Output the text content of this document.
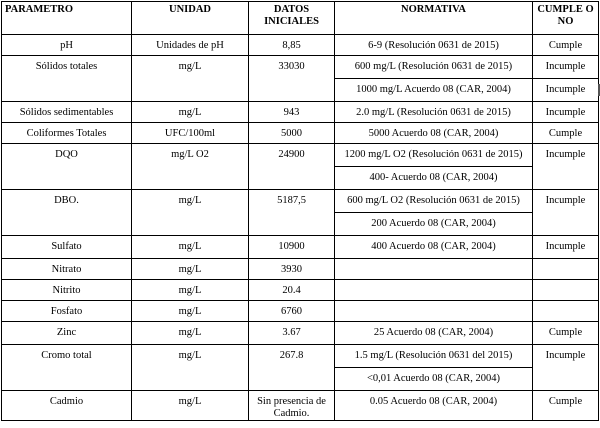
PARAMETRO	UNIDAD	DATOS INICIALES	NORMATIVA	CUMPLE O NO
pH	Unidades de pH	8,85	6-9 (Resolución 0631 de 2015)	Cumple
Sólidos totales	mg/L	33030	600 mg/L (Resolución 0631 de 2015)	Incumple
			1000 mg/L Acuerdo 08 (CAR, 2004)	Incumple
Sólidos sedimentables	mg/L	943	2.0 mg/L (Resolución 0631 de 2015)	Incumple
Coliformes Totales	UFC/100ml	5000	5000 Acuerdo 08 (CAR, 2004)	Cumple
DQO	mg/L O2	24900	1200 mg/L O2 (Resolución 0631 de 2015)	Incumple
			400- Acuerdo 08 (CAR, 2004)	
DBO.	mg/L	5187,5	600 mg/L O2 (Resolución 0631 de 2015)	Incumple
			200 Acuerdo 08 (CAR, 2004)	
Sulfato	mg/L	10900	400 Acuerdo 08 (CAR, 2004)	Incumple
Nitrato	mg/L	3930		
Nitrito	mg/L	20.4		
Fosfato	mg/L	6760		
Zinc	mg/L	3.67	25 Acuerdo 08 (CAR, 2004)	Cumple
Cromo total	mg/L	267.8	1.5 mg/L (Resolución 0631 del 2015)	Incumple
			<0,01 Acuerdo 08 (CAR, 2004)	
Cadmio	mg/L	Sin presencia de Cadmio.	0.05 Acuerdo 08 (CAR, 2004)	Cumple
